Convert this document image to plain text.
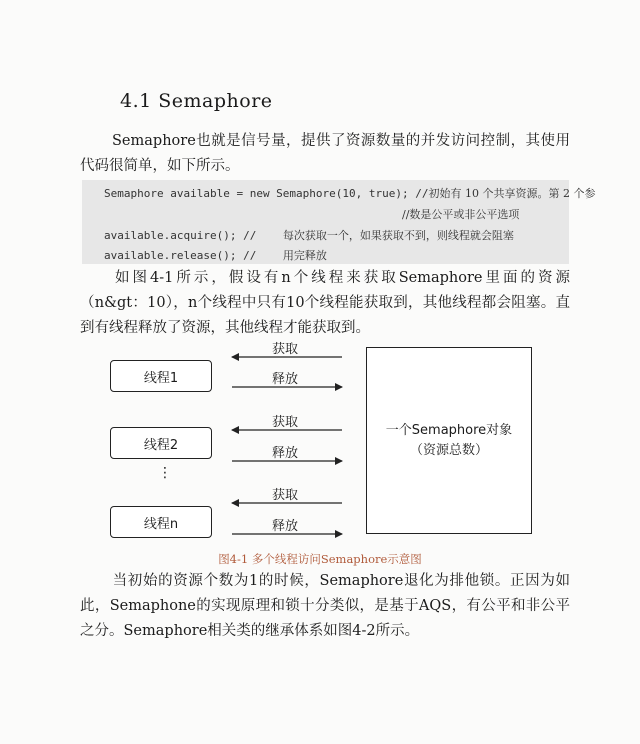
4.1 Semaphore
Semaphore也就是信号量，提供了资源数量的并发访问控制，其使用代码很简单，如下所示。
Semaphore available = new Semaphore(10, true); //初始有 10 个共享资源。第 2 个参
//数是公平或非公平选项
available.acquire(); // 每次获取一个，如果获取不到，则线程就会阻塞
available.release(); // 用完释放
如图4-1所示，假设有n个线程来获取Semaphore里面的资源（n&gt：10），n个线程中只有10个线程能获取到，其他线程都会阻塞。直到有线程释放了资源，其他线程才能获取到。
线程1
线程2
⋮
线程n
获取
释放
获取
释放
获取
释放
一个Semaphore对象
（资源总数）
图4-1 多个线程访问Semaphore示意图
当初始的资源个数为1的时候，Semaphore退化为排他锁。正因为如此，Semaphone的实现原理和锁十分类似，是基于AQS，有公平和非公平之分。Semaphore相关类的继承体系如图4-2所示。
